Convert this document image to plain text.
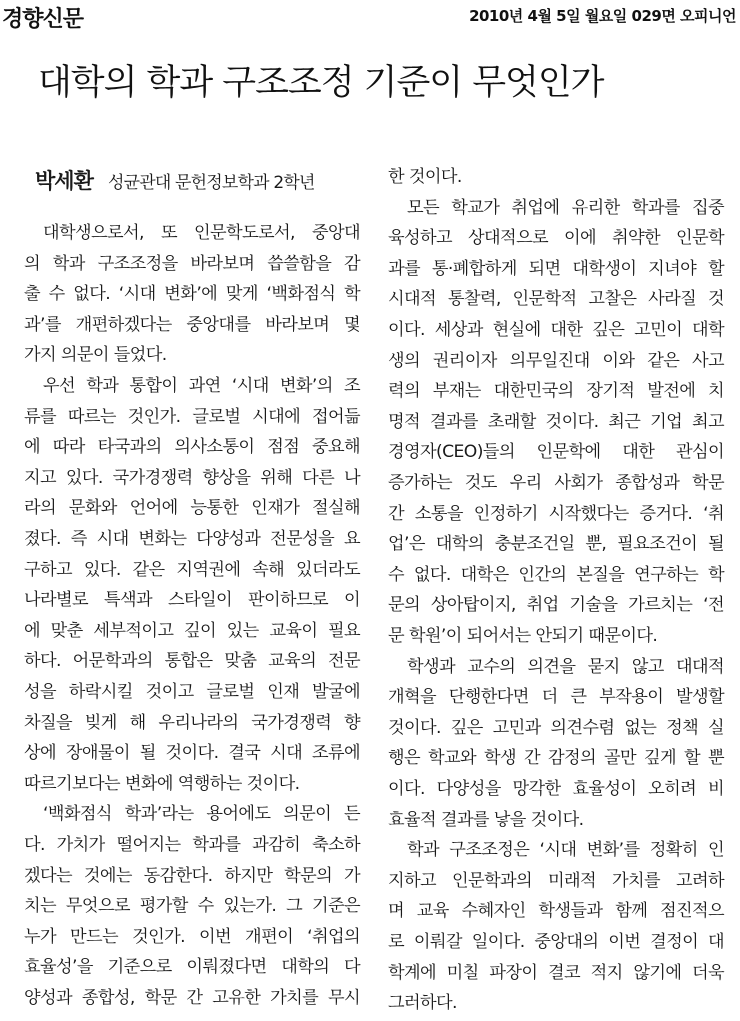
경향신문	2010년 4월 5일 월요일 029면 오피니언
대학의 학과 구조조정 기준이 무엇인가
박세환 성균관대 문헌정보학과 2학년
대학생으로서, 또 인문학도로서, 중앙대
의 학과 구조조정을 바라보며 씁쓸함을 감
출 수 없다. ‘시대 변화’에 맞게 ‘백화점식 학
과’를 개편하겠다는 중앙대를 바라보며 몇
가지 의문이 들었다.
우선 학과 통합이 과연 ‘시대 변화’의 조
류를 따르는 것인가. 글로벌 시대에 접어듦
에 따라 타국과의 의사소통이 점점 중요해
지고 있다. 국가경쟁력 향상을 위해 다른 나
라의 문화와 언어에 능통한 인재가 절실해
졌다. 즉 시대 변화는 다양성과 전문성을 요
구하고 있다. 같은 지역권에 속해 있더라도
나라별로 특색과 스타일이 판이하므로 이
에 맞춘 세부적이고 깊이 있는 교육이 필요
하다. 어문학과의 통합은 맞춤 교육의 전문
성을 하락시킬 것이고 글로벌 인재 발굴에
차질을 빚게 해 우리나라의 국가경쟁력 향
상에 장애물이 될 것이다. 결국 시대 조류에
따르기보다는 변화에 역행하는 것이다.
‘백화점식 학과’라는 용어에도 의문이 든
다. 가치가 떨어지는 학과를 과감히 축소하
겠다는 것에는 동감한다. 하지만 학문의 가
치는 무엇으로 평가할 수 있는가. 그 기준은
누가 만드는 것인가. 이번 개편이 ‘취업의
효율성’을 기준으로 이뤄졌다면 대학의 다
양성과 종합성, 학문 간 고유한 가치를 무시
한 것이다.
모든 학교가 취업에 유리한 학과를 집중
육성하고 상대적으로 이에 취약한 인문학
과를 통·폐합하게 되면 대학생이 지녀야 할
시대적 통찰력, 인문학적 고찰은 사라질 것
이다. 세상과 현실에 대한 깊은 고민이 대학
생의 권리이자 의무일진대 이와 같은 사고
력의 부재는 대한민국의 장기적 발전에 치
명적 결과를 초래할 것이다. 최근 기업 최고
경영자(CEO)들의 인문학에 대한 관심이
증가하는 것도 우리 사회가 종합성과 학문
간 소통을 인정하기 시작했다는 증거다. ‘취
업’은 대학의 충분조건일 뿐, 필요조건이 될
수 없다. 대학은 인간의 본질을 연구하는 학
문의 상아탑이지, 취업 기술을 가르치는 ‘전
문 학원’이 되어서는 안되기 때문이다.
학생과 교수의 의견을 묻지 않고 대대적
개혁을 단행한다면 더 큰 부작용이 발생할
것이다. 깊은 고민과 의견수렴 없는 정책 실
행은 학교와 학생 간 감정의 골만 깊게 할 뿐
이다. 다양성을 망각한 효율성이 오히려 비
효율적 결과를 낳을 것이다.
학과 구조조정은 ‘시대 변화’를 정확히 인
지하고 인문학과의 미래적 가치를 고려하
며 교육 수혜자인 학생들과 함께 점진적으
로 이뤄갈 일이다. 중앙대의 이번 결정이 대
학계에 미칠 파장이 결코 적지 않기에 더욱
그러하다.
